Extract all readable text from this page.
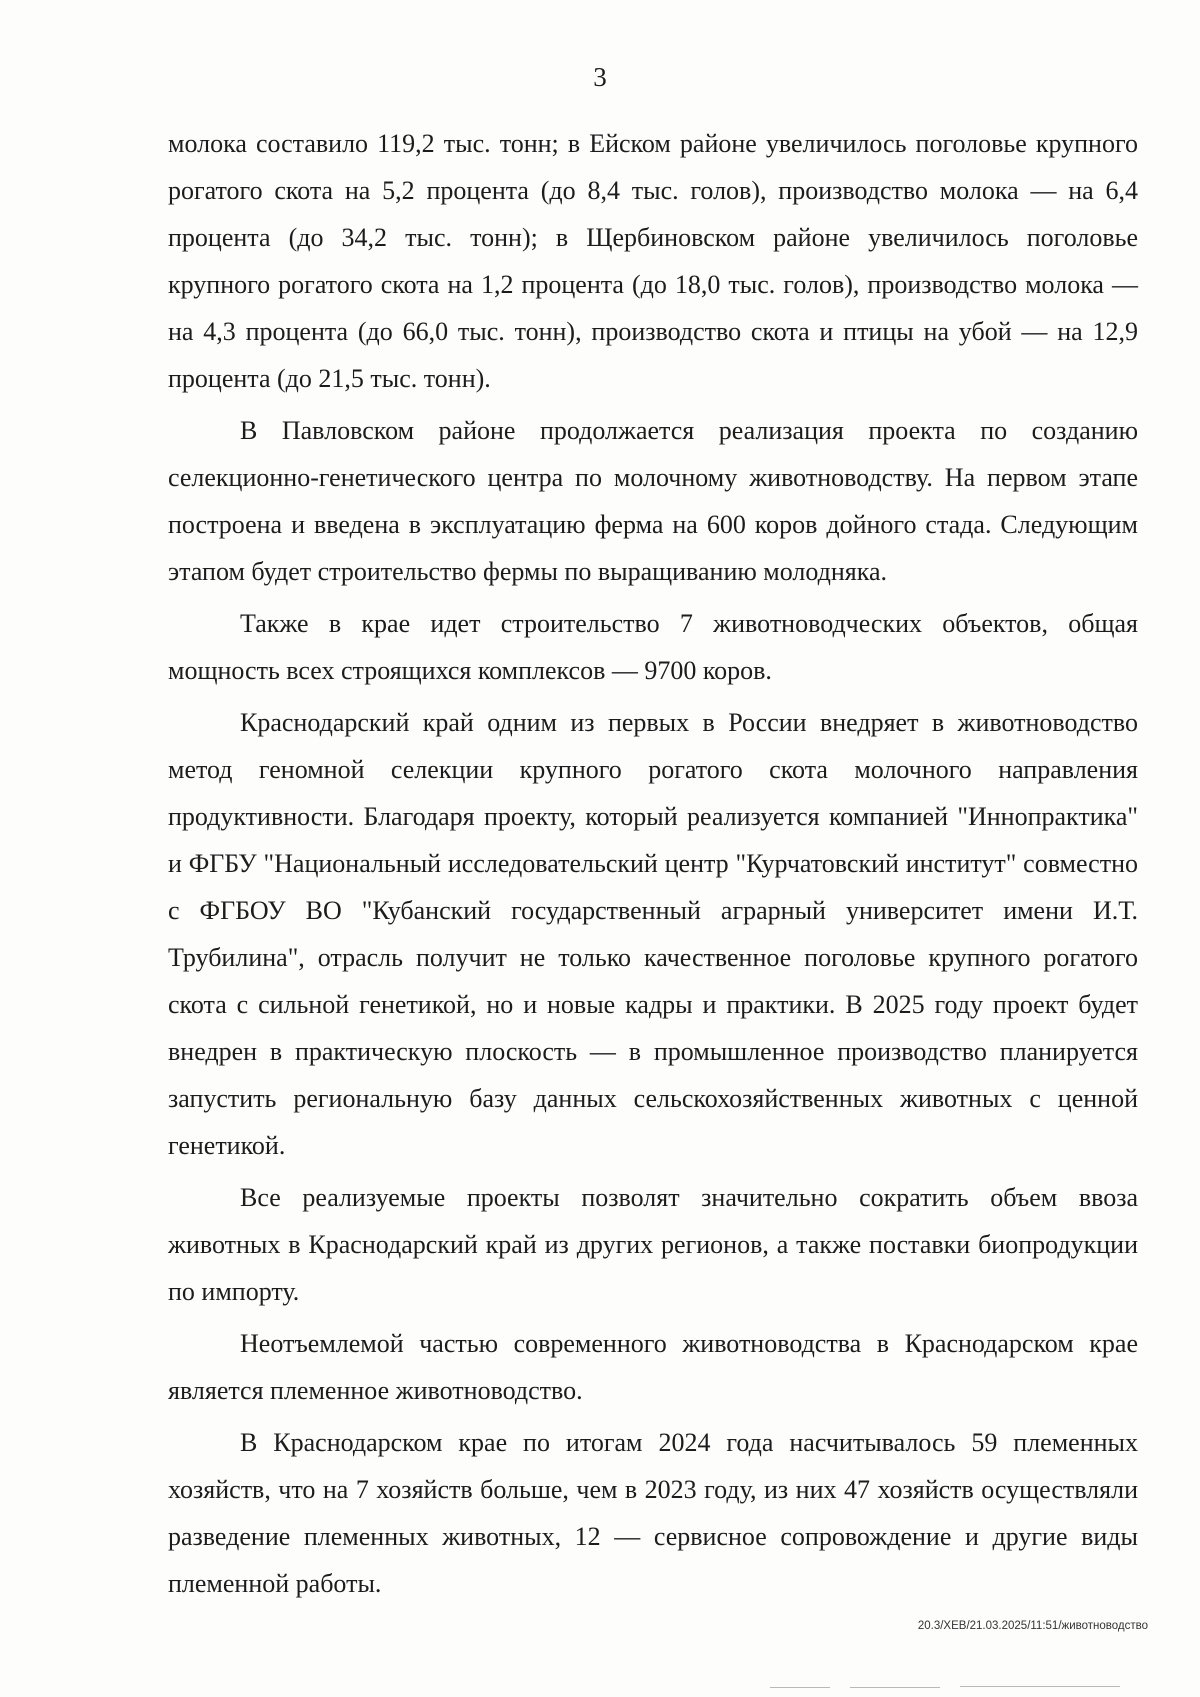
3

молока составило 119,2 тыс. тонн; в Ейском районе увеличилось поголовье крупного рогатого скота на 5,2 процента (до 8,4 тыс. голов), производство молока — на 6,4 процента (до 34,2 тыс. тонн); в Щербиновском районе увеличилось поголовье крупного рогатого скота на 1,2 процента (до 18,0 тыс. голов), производство молока — на 4,3 процента (до 66,0 тыс. тонн), производство скота и птицы на убой — на 12,9 процента (до 21,5 тыс. тонн).

В Павловском районе продолжается реализация проекта по созданию селекционно-генетического центра по молочному животноводству. На первом этапе построена и введена в эксплуатацию ферма на 600 коров дойного стада. Следующим этапом будет строительство фермы по выращиванию молодняка.

Также в крае идет строительство 7 животноводческих объектов, общая мощность всех строящихся комплексов — 9700 коров.

Краснодарский край одним из первых в России внедряет в животноводство метод геномной селекции крупного рогатого скота молочного направления продуктивности. Благодаря проекту, который реализуется компанией "Иннопрактика" и ФГБУ "Национальный исследовательский центр "Курчатовский институт" совместно с ФГБОУ ВО "Кубанский государственный аграрный университет имени И.Т. Трубилина", отрасль получит не только качественное поголовье крупного рогатого скота с сильной генетикой, но и новые кадры и практики. В 2025 году проект будет внедрен в практическую плоскость — в промышленное производство планируется запустить региональную базу данных сельскохозяйственных животных с ценной генетикой.

Все реализуемые проекты позволят значительно сократить объем ввоза животных в Краснодарский край из других регионов, а также поставки биопродукции по импорту.

Неотъемлемой частью современного животноводства в Краснодарском крае является племенное животноводство.

В Краснодарском крае по итогам 2024 года насчитывалось 59 племенных хозяйств, что на 7 хозяйств больше, чем в 2023 году, из них 47 хозяйств осуществляли разведение племенных животных, 12 — сервисное сопровождение и другие виды племенной работы.

20.3/ХЕВ/21.03.2025/11:51/животноводство
